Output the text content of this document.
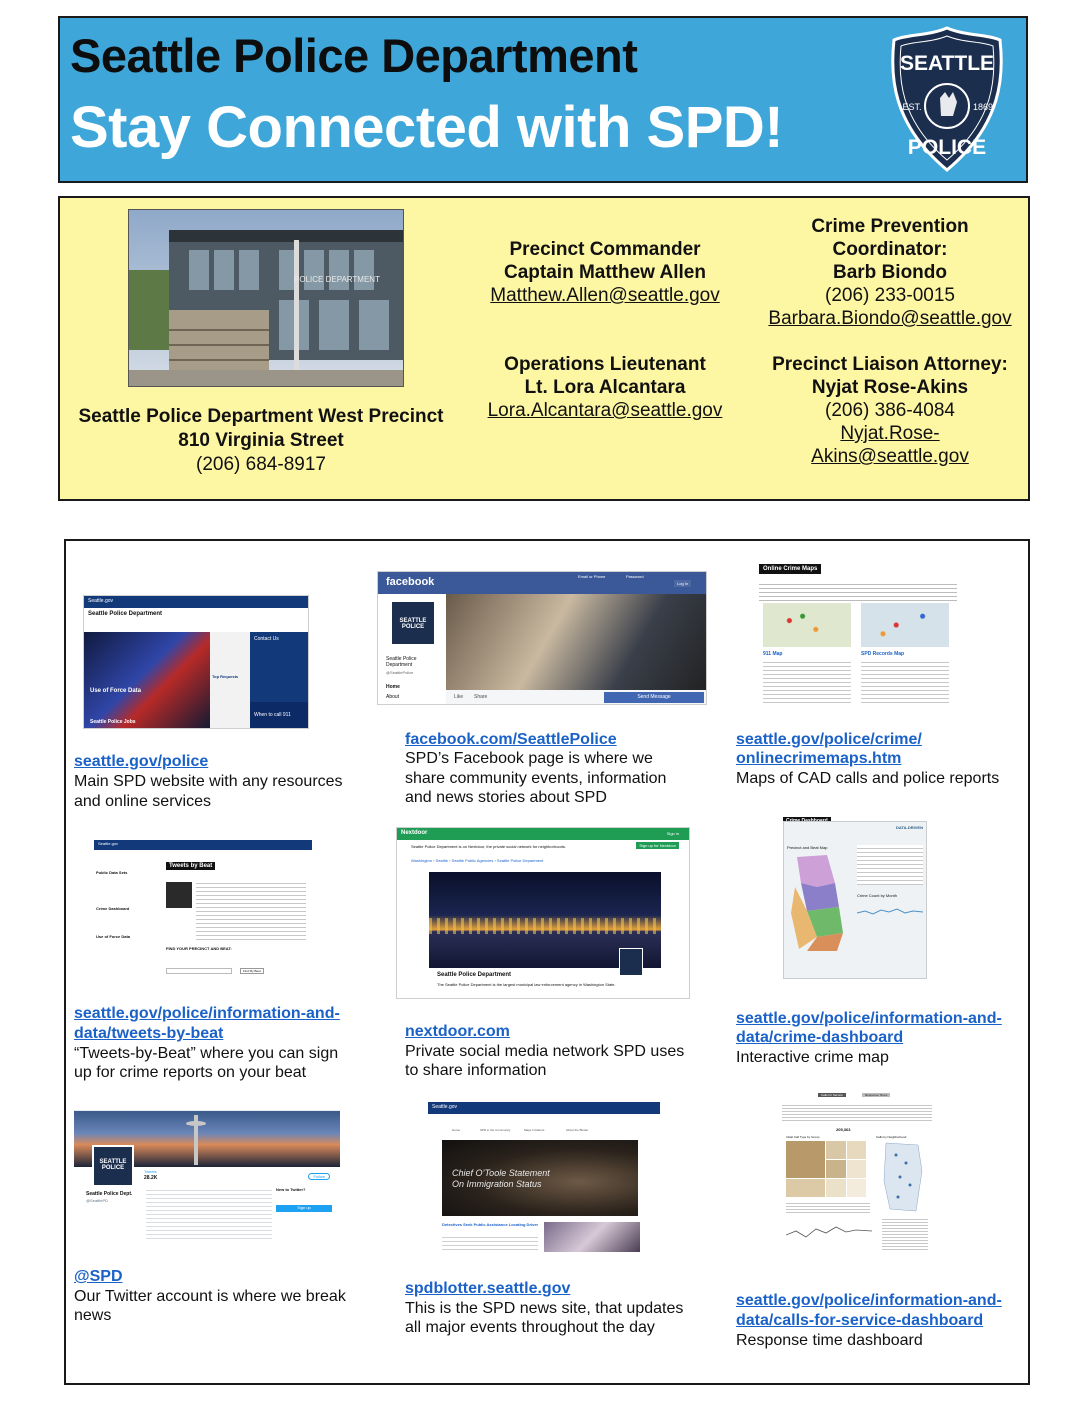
Seattle Police Department
Stay Connected with SPD!
SEATTLE
EST.	1869
POLICE
POLICE DEPARTMENT
Seattle Police Department West Precinct
810 Virginia Street
(206) 684-8917
Precinct Commander
Captain Matthew Allen
Matthew.Allen@seattle.gov
Operations Lieutenant
Lt. Lora Alcantara
Lora.Alcantara@seattle.gov
Crime Prevention
Coordinator:
Barb Biondo
(206) 233-0015
Barbara.Biondo@seattle.gov
Precinct Liaison Attorney:
Nyjat Rose-Akins
(206) 386-4084
Nyjat.Rose-
Akins@seattle.gov
Seattle.gov
Seattle Police Department
Use of Force Data
Seattle Police Jobs
Top Requests
Contact Us
When to call 911
seattle.gov/police
Main SPD website with any resources
and online services
facebook	Email or Phone	Password
Log In
SEATTLE
POLICE
Seattle Police Department
@SeattlePolice
Home
About	Like Share	Send Message
facebook.com/SeattlePolice
SPD’s Facebook page is where we
share community events, information
and news stories about SPD
Online Crime Maps
911 Map	SPD Records Map
seattle.gov/police/crime/
onlinecrimemaps.htm
Maps of CAD calls and police reports
Seattle.gov
Public Data Sets
Crime Dashboard
Use of Force Data
Tweets by Beat
FIND YOUR PRECINCT AND BEAT:
Find My Beat
seattle.gov/police/information-and-
data/tweets-by-beat
“Tweets-by-Beat” where you can sign
up for crime reports on your beat
Nextdoor	Sign in
Seattle Police Department is on Nextdoor, the private social network for neighborhoods.	Sign up for Nextdoor
Washington › Seattle › Seattle Public Agencies › Seattle Police Department
Seattle Police Department
The Seattle Police Department is the largest municipal law enforcement agency in Washington State.
nextdoor.com
Private social media network SPD uses
to share information
DATA-DRIVEN
Precinct and Beat Map
Crime Count by Month
seattle.gov/police/information-and-
data/crime-dashboard
Interactive crime map
SEATTLE
POLICE
Tweets
28.2K	Follow
Seattle Police Dept.
@SeattlePD
New to Twitter?
Sign up
@SPD
Our Twitter account is where we break
news
Seattle.gov
Home	SPD in the Community	Major Incidents	About the Blotter
Chief O’Toole Statement
On Immigration Status
Detectives Seek Public Assistance Locating Driver
spdblotter.seattle.gov
This is the SPD news site, that updates
all major events throughout the day
Calls for Service	Response Times
205,363
Initial Call Type by Group	Calls by Neighborhood
seattle.gov/police/information-and-
data/calls-for-service-dashboard
Response time dashboard
